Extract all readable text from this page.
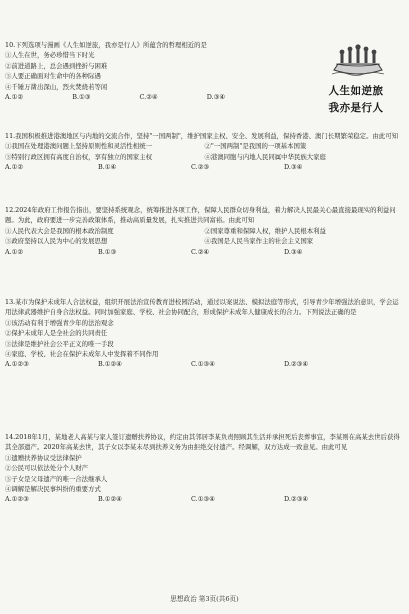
人生如逆旅
我亦是行人

10.下列选项与漫画《人生如逆旅，我亦是行人》所蕴含的哲理相近的是

①人生在世，务必珍惜当下时光

②前进道路上，总会遇到挫折与困难

③人要正确面对生命中的各种际遇

④千锤万凿出深山，烈火焚烧若等闲

A.①②	B.①③	C.②④	D.③④

11.我国积极推进港澳地区与内地的交流合作，坚持"一国两制"，维护国家主权、安全、发展利益，保持香港、澳门长期繁荣稳定。由此可知

①我国在处理港澳问题上坚持原则性和灵活性相统一	②"一国两制"是我国的一项基本国策

③特别行政区拥有高度自治权，享有独立的国家主权	④港澳同胞与内地人民同属中华民族大家庭

A.①②	B.①④	C.②③	D.③④

12.2024年政府工作报告指出，要坚持系统观念，统筹推进各项工作，保障人民群众切身利益，着力解决人民最关心最直接最现实的利益问题。为此，政府要进一步完善政策体系，推动高质量发展，扎实推进共同富裕。由此可知

①人民代表大会是我国的根本政治制度	②国家尊重和保障人权，维护人民根本利益

③政府坚持以人民为中心的发展思想	④我国是人民当家作主的社会主义国家

A.①②	B.①③	C.②④	D.③④

13.某市为保护未成年人合法权益，组织开展法治宣传教育进校园活动，通过以案说法、模拟法庭等形式，引导青少年增强法治意识，学会运用法律武器维护自身合法权益。同时加强家庭、学校、社会协同配合，形成保护未成年人健康成长的合力。下列说法正确的是

①该活动有利于增强青少年的法治观念

②保护未成年人是全社会的共同责任

③法律是维护社会公平正义的唯一手段

④家庭、学校、社会在保护未成年人中发挥着不同作用

A.①②③	B.①②④	C.①③④	D.②③④

14.2018年1月，某地老人高某与家人签订遗赠扶养协议，约定由其邻居李某负责照顾其生活并承担死后丧葬事宜，李某则在高某去世后获得其全部遗产。2020年高某去世，其子女以李某未尽到扶养义务为由拒绝交付遗产。经调解，双方达成一致意见。由此可见

①遗赠扶养协议受法律保护

②公民可以依法处分个人财产

③子女是父母遗产的唯一合法继承人

④调解是解决民事纠纷的重要方式

A.①②③	B.①②④	C.①③④	D.②③④

思想政治 第3页(共6页)
